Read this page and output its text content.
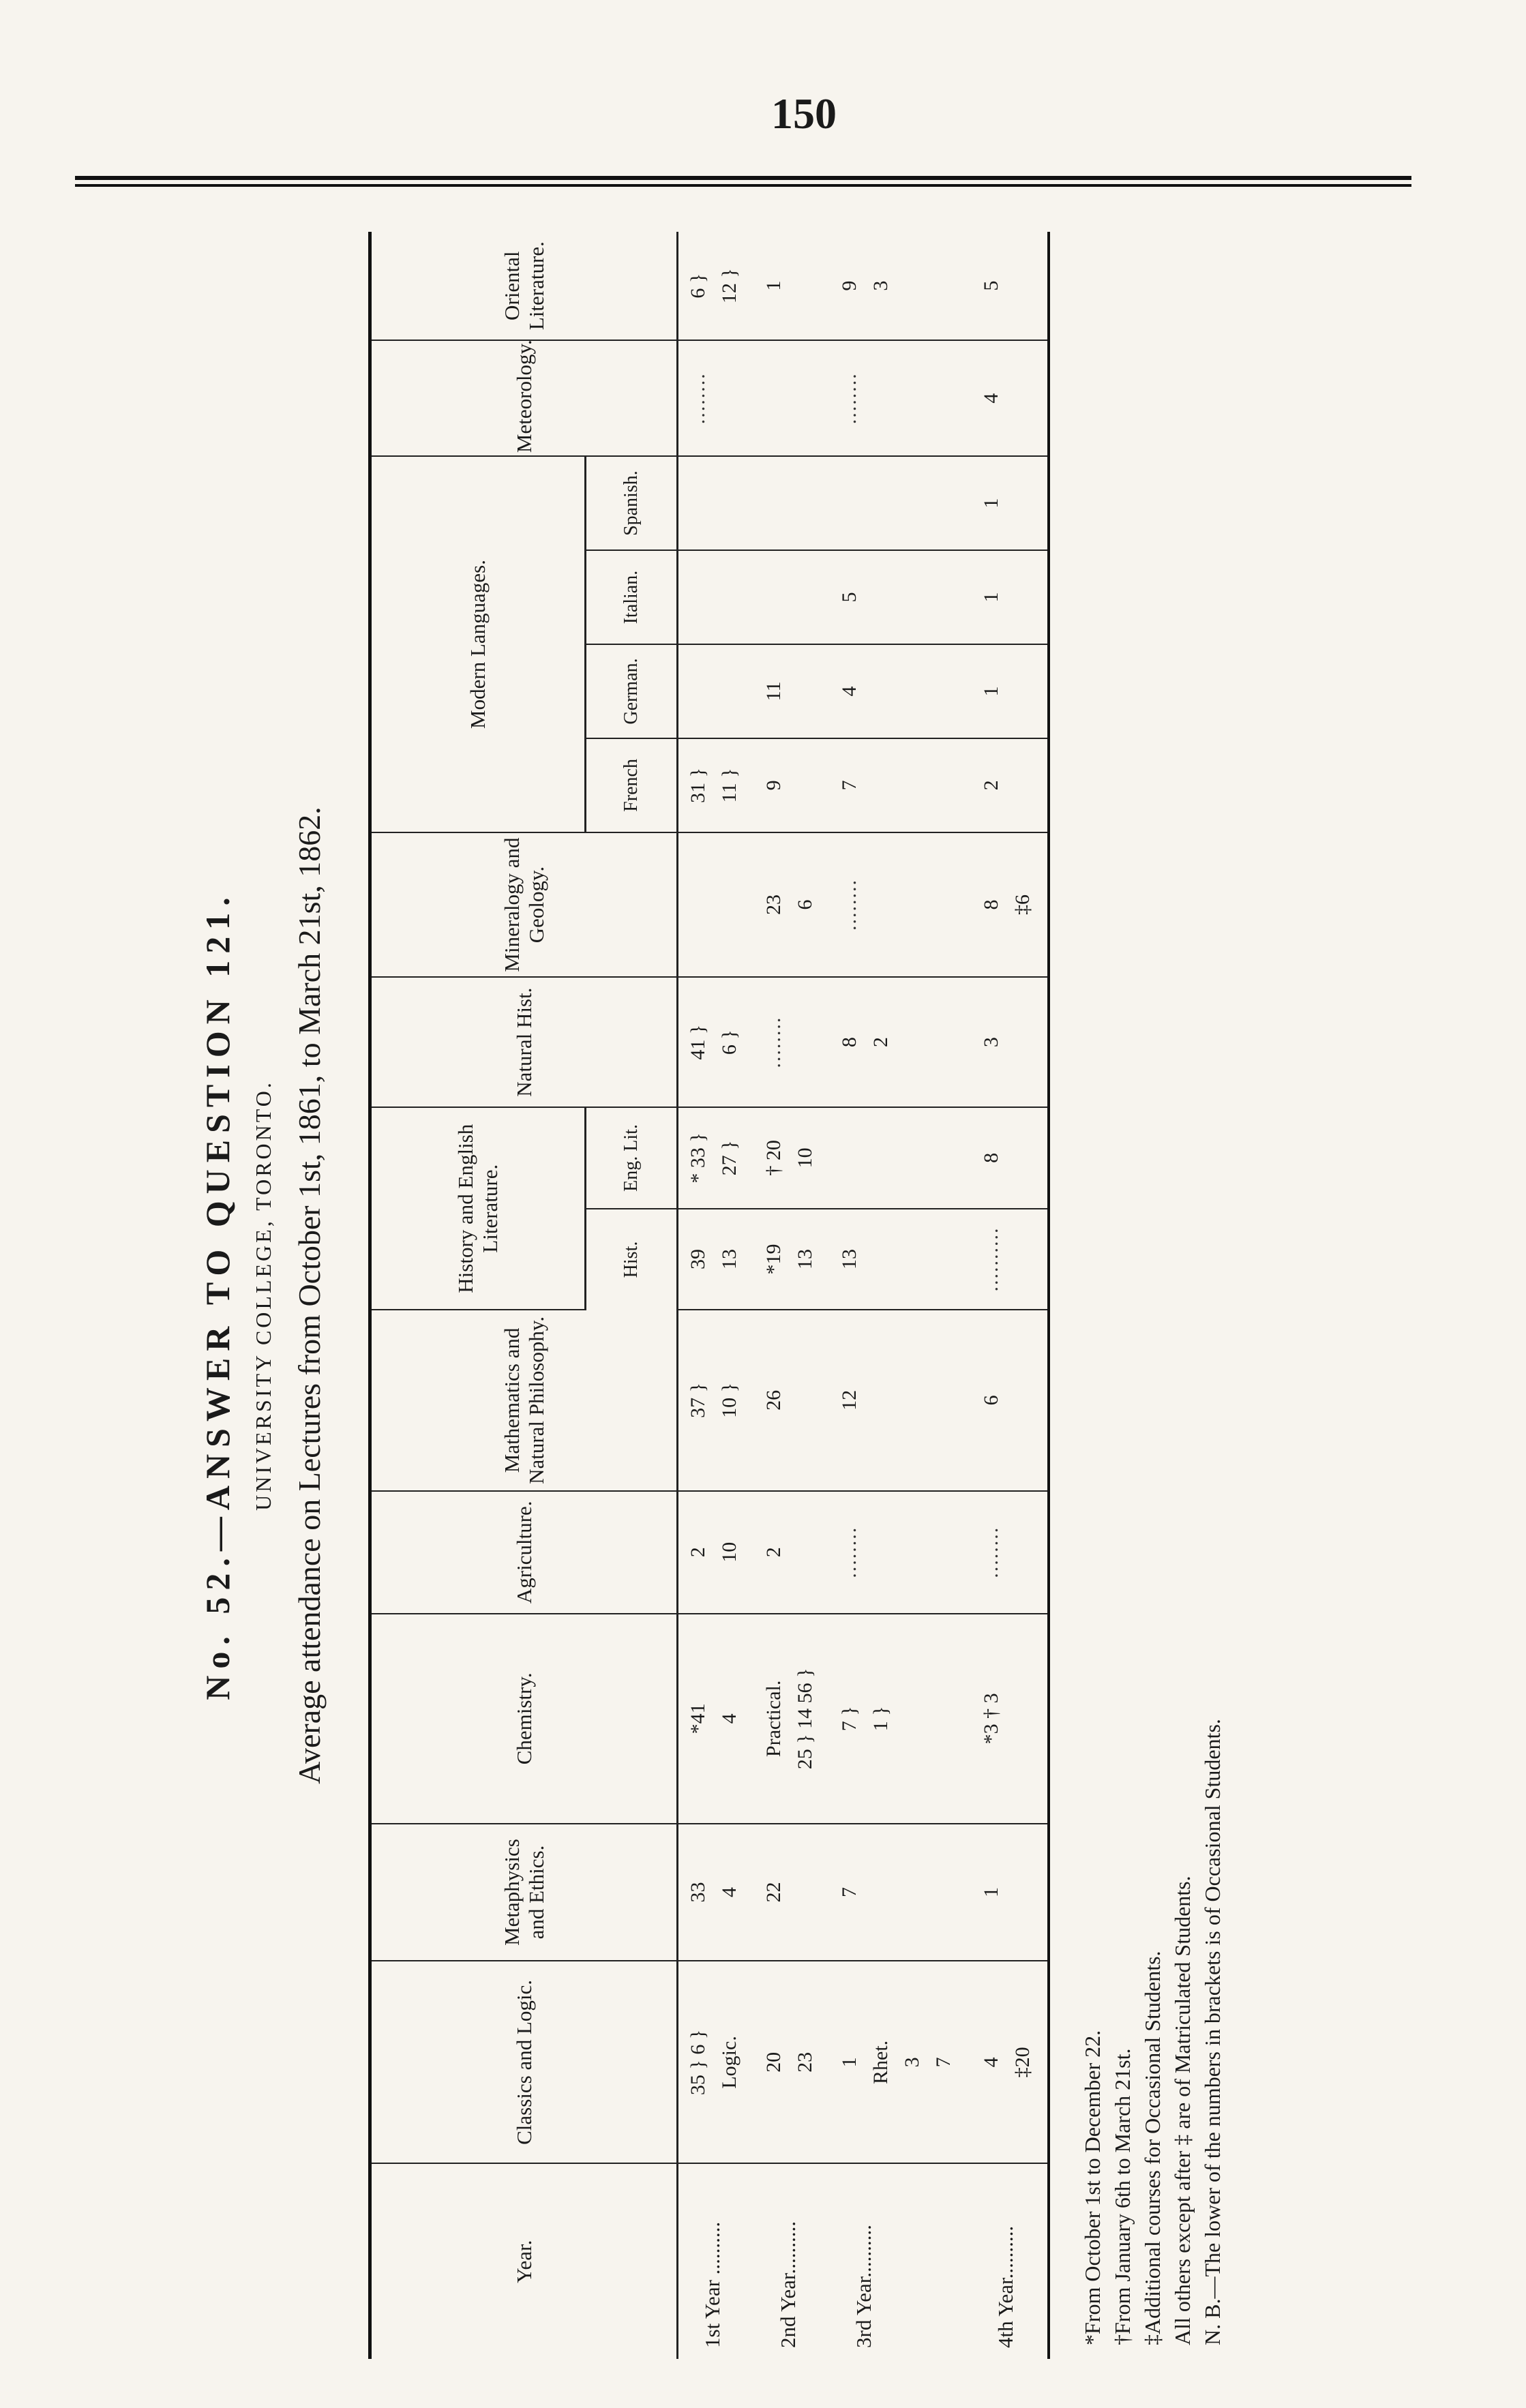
150
No. 52.—ANSWER TO QUESTION 121. UNIVERSITY COLLEGE, TORONTO. Average attendance on Lectures from October 1st, 1861, to March 21st, 1862.
Year.	Classics and Logic.	Metaphysics and Ethics.	Chemistry.	Agriculture.	Mathematics and Natural Philosophy.	History and English Literature.		Natural Hist.	Mineralogy and Geology.	Modern Languages.				Meteorology.	Oriental Literature.
						Hist.	Eng. Lit.			French	German.	Italian.	Spanish.		

1st Year ..........	35 } 6 } Logic.	33 4	*41 4	2 10	37 } 10 }	39 13	* 33 } 27 }	41 } 6 }		31 } 11 }				........	6 } 12 }

2nd Year..........	20 23	22	Practical. 25 } 14 56 }	2	26	*19 13	† 20 10	........	23 6	9	11				1

3rd Year..........	1 Rhet. 3 7	7	7 } 1 }	........	12	13		8 2	........	7	4	5		........	9 3

4th Year..........	4 ‡20	1	*3 † 3	........	6	..........	8	3	8 ‡6	2	1	1	1	4	5
*From October 1st to December 22. †From January 6th to March 21st. ‡Additional courses for Occasional Students. All others except after ‡ are of Matriculated Students. N. B.—The lower of the numbers in brackets is of Occasional Students.
